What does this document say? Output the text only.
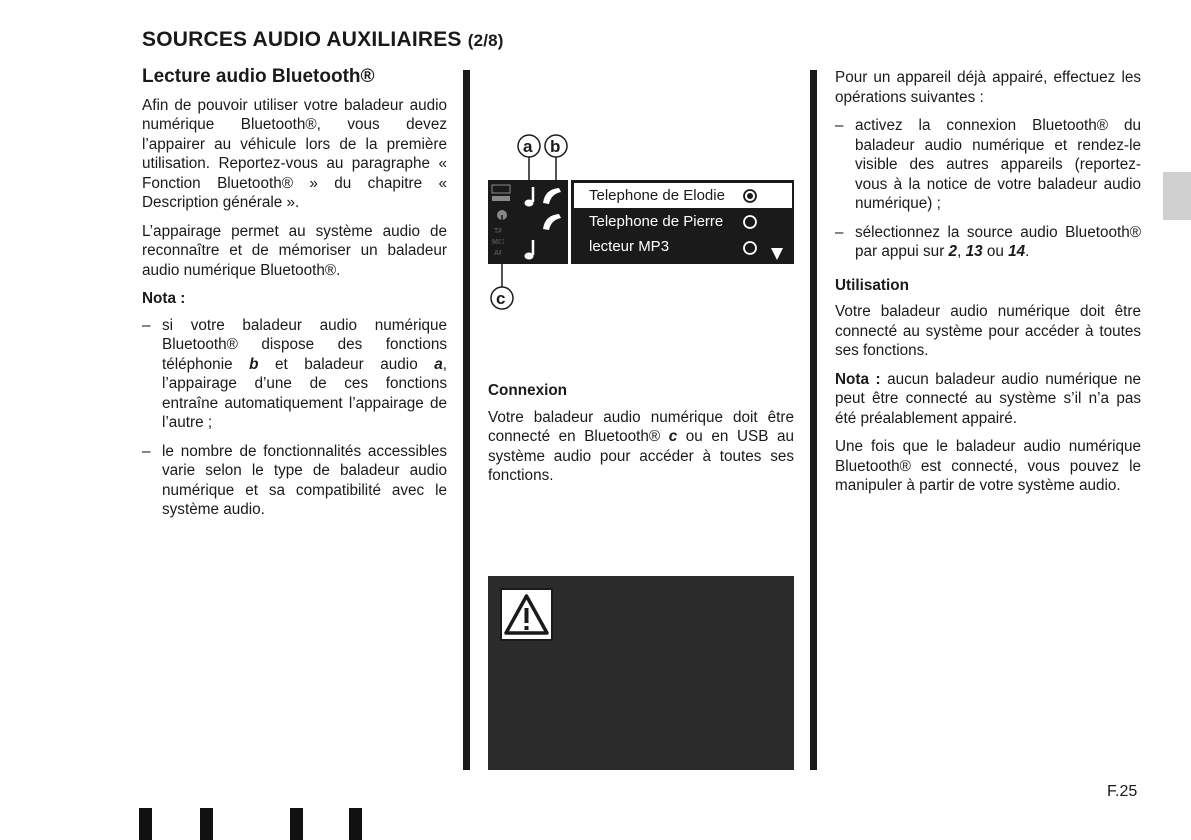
SOURCES AUDIO AUXILIAIRES (2/8)
Lecture audio Bluetooth®

Afin de pouvoir utiliser votre baladeur audio numérique Bluetooth®, vous devez l’appairer au véhicule lors de la première utilisation. Reportez-vous au paragraphe « Fonction Bluetooth® » du chapitre « Description générale ».

L’appairage permet au système audio de reconnaître et de mémoriser un baladeur audio numérique Bluetooth®.

Nota :
– si votre baladeur audio numérique Bluetooth® dispose des fonctions téléphonie b et baladeur audio a, l’appairage d’une de ces fonctions entraîne automatiquement l’appairage de l’autre ;
– le nombre de fonctionnalités accessibles varie selon le type de baladeur audio numérique et sa compatibilité avec le système audio.
TA
MIX
AF
Telephone de Elodie
Telephone de Pierre
lecteur MP3
a b
c
Connexion

Votre baladeur audio numérique doit être connecté en Bluetooth® c ou en USB au système audio pour accéder à toutes ses fonctions.

Pour un appareil déjà appairé, effectuez les opérations suivantes :

– activez la connexion Bluetooth® du baladeur audio numérique et rendez-le visible des autres appareils (reportez-vous à la notice de votre baladeur audio numérique) ;
– sélectionnez la source audio Bluetooth® par appui sur 2, 13 ou 14.
Utilisation

Votre baladeur audio numérique doit être connecté au système pour accéder à toutes ses fonctions.

Nota : aucun baladeur audio numérique ne peut être connecté au système s’il n’a pas été préalablement appairé.

Une fois que le baladeur audio numérique Bluetooth® est connecté, vous pouvez le manipuler à partir de votre système audio.

F.25
